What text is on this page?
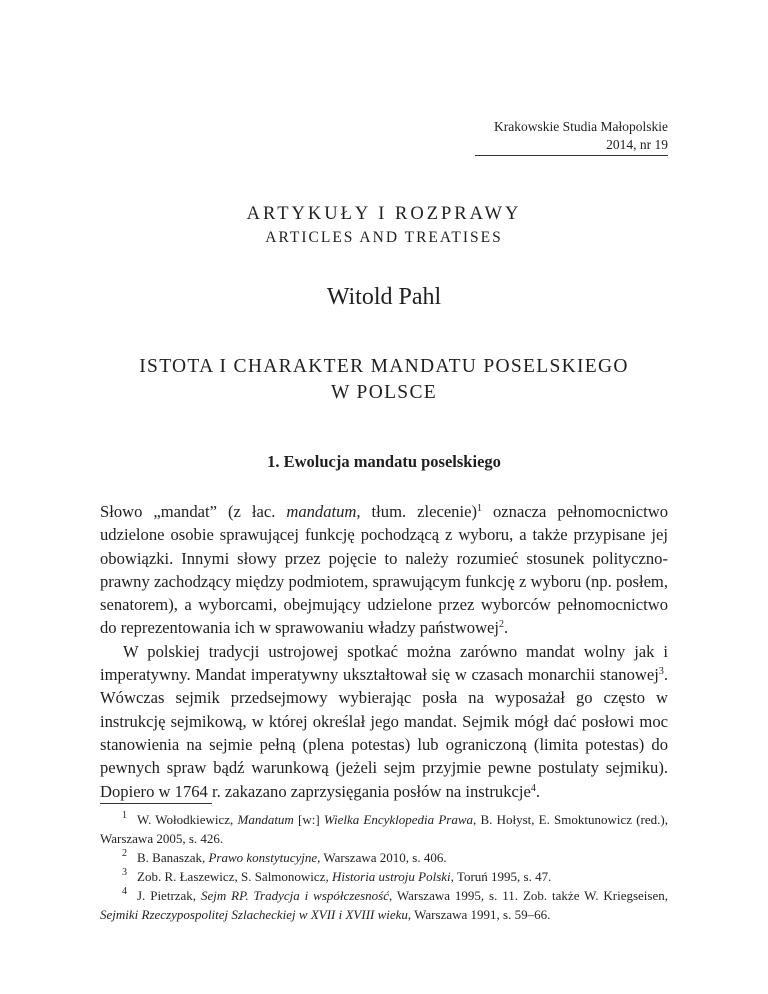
Krakowskie Studia Małopolskie
2014, nr 19
ARTYKUŁY I ROZPRAWY
ARTICLES AND TREATISES
Witold Pahl
ISTOTA I CHARAKTER MANDATU POSELSKIEGO
W POLSCE
1. Ewolucja mandatu poselskiego

Słowo „mandat” (z łac. mandatum, tłum. zlecenie)$^1$ oznacza pełnomocnictwo udzielone osobie sprawującej funkcję pochodzącą z wyboru, a także przypisane jej obowiązki. Innymi słowy przez pojęcie to należy rozumieć stosunek polityczno-prawny zachodzący między podmiotem, sprawującym funkcję z wyboru (np. posłem, senatorem), a wyborcami, obejmujący udzielone przez wyborców pełnomocnictwo do reprezentowania ich w sprawowaniu władzy państwowej$^2$.

W polskiej tradycji ustrojowej spotkać można zarówno mandat wolny jak i imperatywny. Mandat imperatywny ukształtował się w czasach monarchii stanowej$^3$. Wówczas sejmik przedsejmowy wybierając posła na wyposażał go często w instrukcję sejmikową, w której określał jego mandat. Sejmik mógł dać posłowi moc stanowienia na sejmie pełną (plena potestas) lub ograniczoną (limita potestas) do pewnych spraw bądź warunkową (jeżeli sejm przyjmie pewne postulaty sejmiku). Dopiero w 1764 r. zakazano zaprzysięgania posłów na instrukcje$^4$.

$^1$ W. Wołodkiewicz, Mandatum [w:] Wielka Encyklopedia Prawa, B. Hołyst, E. Smoktunowicz (red.), Warszawa 2005, s. 426.

$^2$ B. Banaszak, Prawo konstytucyjne, Warszawa 2010, s. 406.

$^3$ Zob. R. Łaszewicz, S. Salmonowicz, Historia ustroju Polski, Toruń 1995, s. 47.

$^4$ J. Pietrzak, Sejm RP. Tradycja i współczesność, Warszawa 1995, s. 11. Zob. także W. Kriegseisen, Sejmiki Rzeczypospolitej Szlacheckiej w XVII i XVIII wieku, Warszawa 1991, s. 59–66.
